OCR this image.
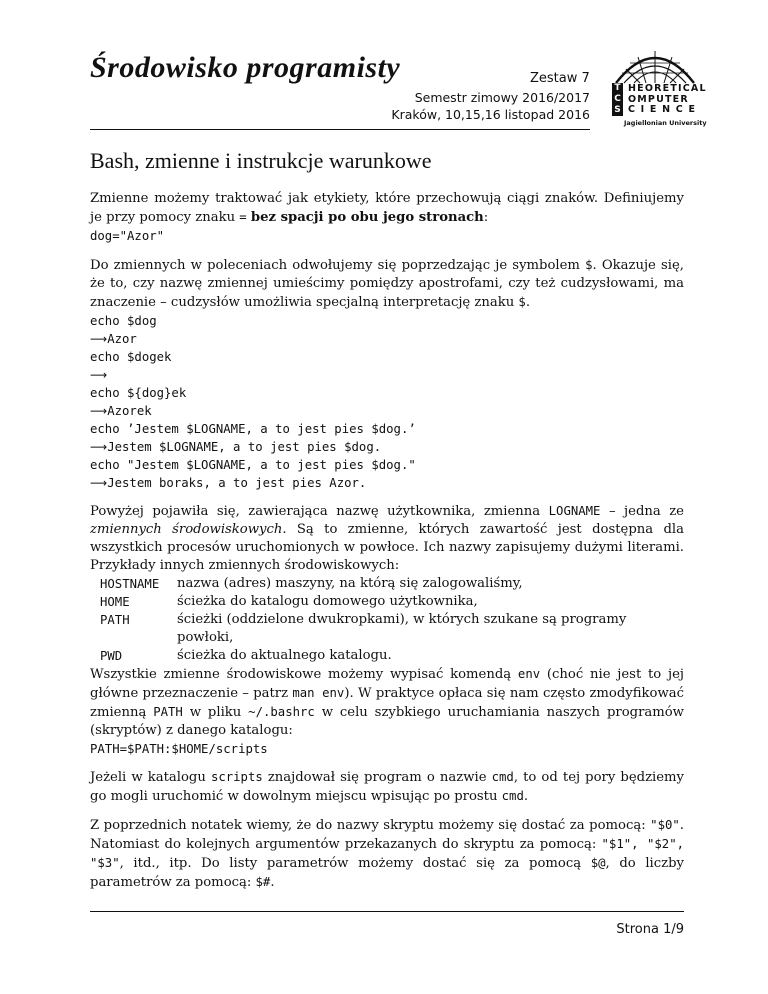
Środowisko programisty	Zestaw 7
Semestr zimowy 2016/2017
Kraków, 10,15,16 listopad 2016
T
C
S
HEORETICAL
OMPUTER
C I E N C E
Jagiellonian University
Bash, zmienne i instrukcje warunkowe

Zmienne możemy traktować jak etykiety, które przechowują ciągi znaków. Definiujemy je przy pomocy znaku = bez spacji po obu jego stronach:
dog="Azor"

Do zmiennych w poleceniach odwołujemy się poprzedzając je symbolem $. Okazuje się, że to, czy nazwę zmiennej umieścimy pomiędzy apostrofami, czy też cudzysłowami, ma znaczenie – cudzysłów umożliwia specjalną interpretację znaku $.
echo $dog
⟶Azor
echo $dogek
⟶
echo ${dog}ek
⟶Azorek
echo ’Jestem $LOGNAME, a to jest pies $dog.’
⟶Jestem $LOGNAME, a to jest pies $dog.
echo "Jestem $LOGNAME, a to jest pies $dog."
⟶Jestem boraks, a to jest pies Azor.
Powyżej pojawiła się, zawierająca nazwę użytkownika, zmienna LOGNAME – jedna ze zmiennych środowiskowych. Są to zmienne, których zawartość jest dostępna dla wszystkich procesów uruchomionych w powłoce. Ich nazwy zapisujemy dużymi literami. Przykłady innych zmiennych środowiskowych:
HOSTNAME	nazwa (adres) maszyny, na którą się zalogowaliśmy,
HOME	ścieżka do katalogu domowego użytkownika,
PATH	ścieżki (oddzielone dwukropkami), w których szukane są programy powłoki,
PWD	ścieżka do aktualnego katalogu.
Wszystkie zmienne środowiskowe możemy wypisać komendą env (choć nie jest to jej główne przeznaczenie – patrz man env). W praktyce opłaca się nam często zmodyfikować zmienną PATH w pliku ~/.bashrc w celu szybkiego uruchamiania naszych programów (skryptów) z danego katalogu:
PATH=$PATH:$HOME/scripts

Jeżeli w katalogu scripts znajdował się program o nazwie cmd, to od tej pory będziemy go mogli uruchomić w dowolnym miejscu wpisując po prostu cmd.

Z poprzednich notatek wiemy, że do nazwy skryptu możemy się dostać za pomocą: "$0". Natomiast do kolejnych argumentów przekazanych do skryptu za pomocą: "$1", "$2", "$3", itd., itp. Do listy parametrów możemy dostać się za pomocą $@, do liczby parametrów za pomocą: $#.

Strona 1/9
